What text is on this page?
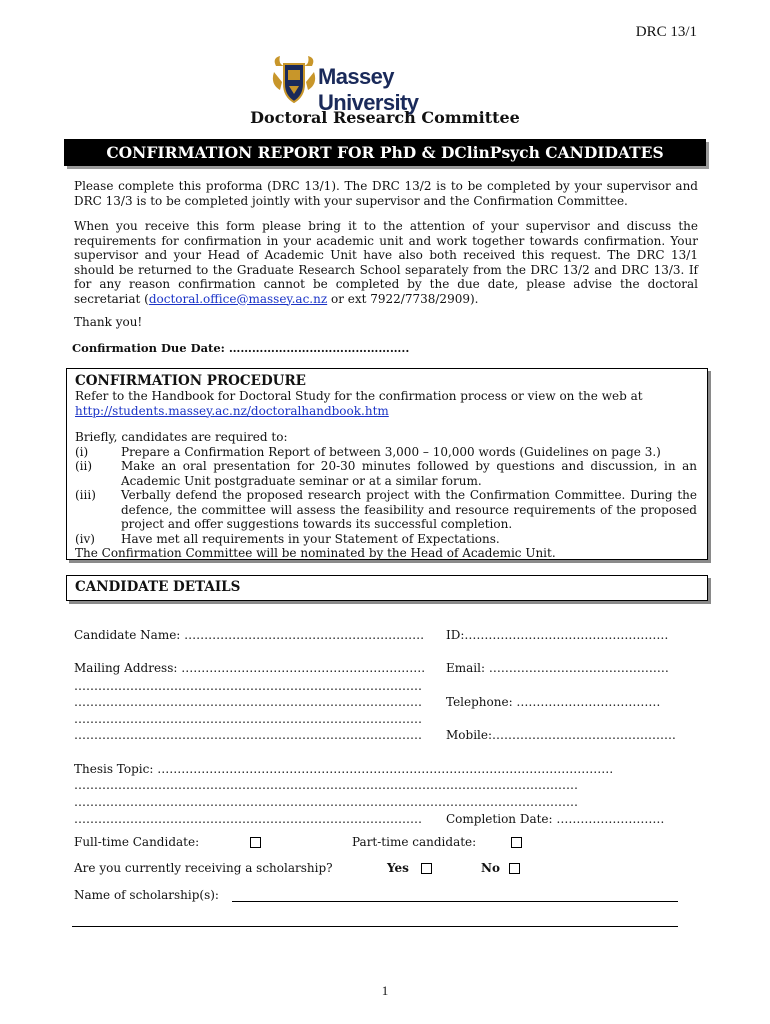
DRC 13/1
Massey University
Doctoral Research Committee
CONFIRMATION REPORT FOR PhD & DClinPsych CANDIDATES
Please complete this proforma (DRC 13/1). The DRC 13/2 is to be completed by your supervisor and DRC 13/3 is to be completed jointly with your supervisor and the Confirmation Committee.
When you receive this form please bring it to the attention of your supervisor and discuss the requirements for confirmation in your academic unit and work together towards confirmation. Your supervisor and your Head of Academic Unit have also both received this request. The DRC 13/1 should be returned to the Graduate Research School separately from the DRC 13/2 and DRC 13/3. If for any reason confirmation cannot be completed by the due date, please advise the doctoral secretariat (doctoral.office@massey.ac.nz or ext 7922/7738/2909).
Thank you!
Confirmation Due Date: ………………………………………..
CONFIRMATION PROCEDURE
Refer to the Handbook for Doctoral Study for the confirmation process or view on the web at
http://students.massey.ac.nz/doctoralhandbook.htm
Briefly, candidates are required to:
(i)	Prepare a Confirmation Report of between 3,000 – 10,000 words (Guidelines on page 3.)
(ii) Make an oral presentation for 20-30 minutes followed by questions and discussion, in an Academic Unit postgraduate seminar or at a similar forum.
(iii) Verbally defend the proposed research project with the Confirmation Committee. During the defence, the committee will assess the feasibility and resource requirements of the proposed project and offer suggestions towards its successful completion.
(iv) Have met all requirements in your Statement of Expectations.
The Confirmation Committee will be nominated by the Head of Academic Unit.
CANDIDATE DETAILS
Candidate Name: …………………………………………………… ID:……………………………………………
Mailing Address: ……………………………………………………. Email: ………………………………………
……………………………………………………………………………
…………………………………………………………………………… Telephone: ………………………………
……………………………………………………………………………
…………………………………………………………………………… Mobile:……………………………………….
Thesis Topic: ……………………………………………………………………………………………………
………………………………………………………………………………………………………………
………………………………………………………………………………………………………………
…………………………………………………………………………… Completion Date: ………………………
Full-time Candidate:	Part-time candidate:
Are you currently receiving a scholarship?	Yes	No
Name of scholarship(s):
1
